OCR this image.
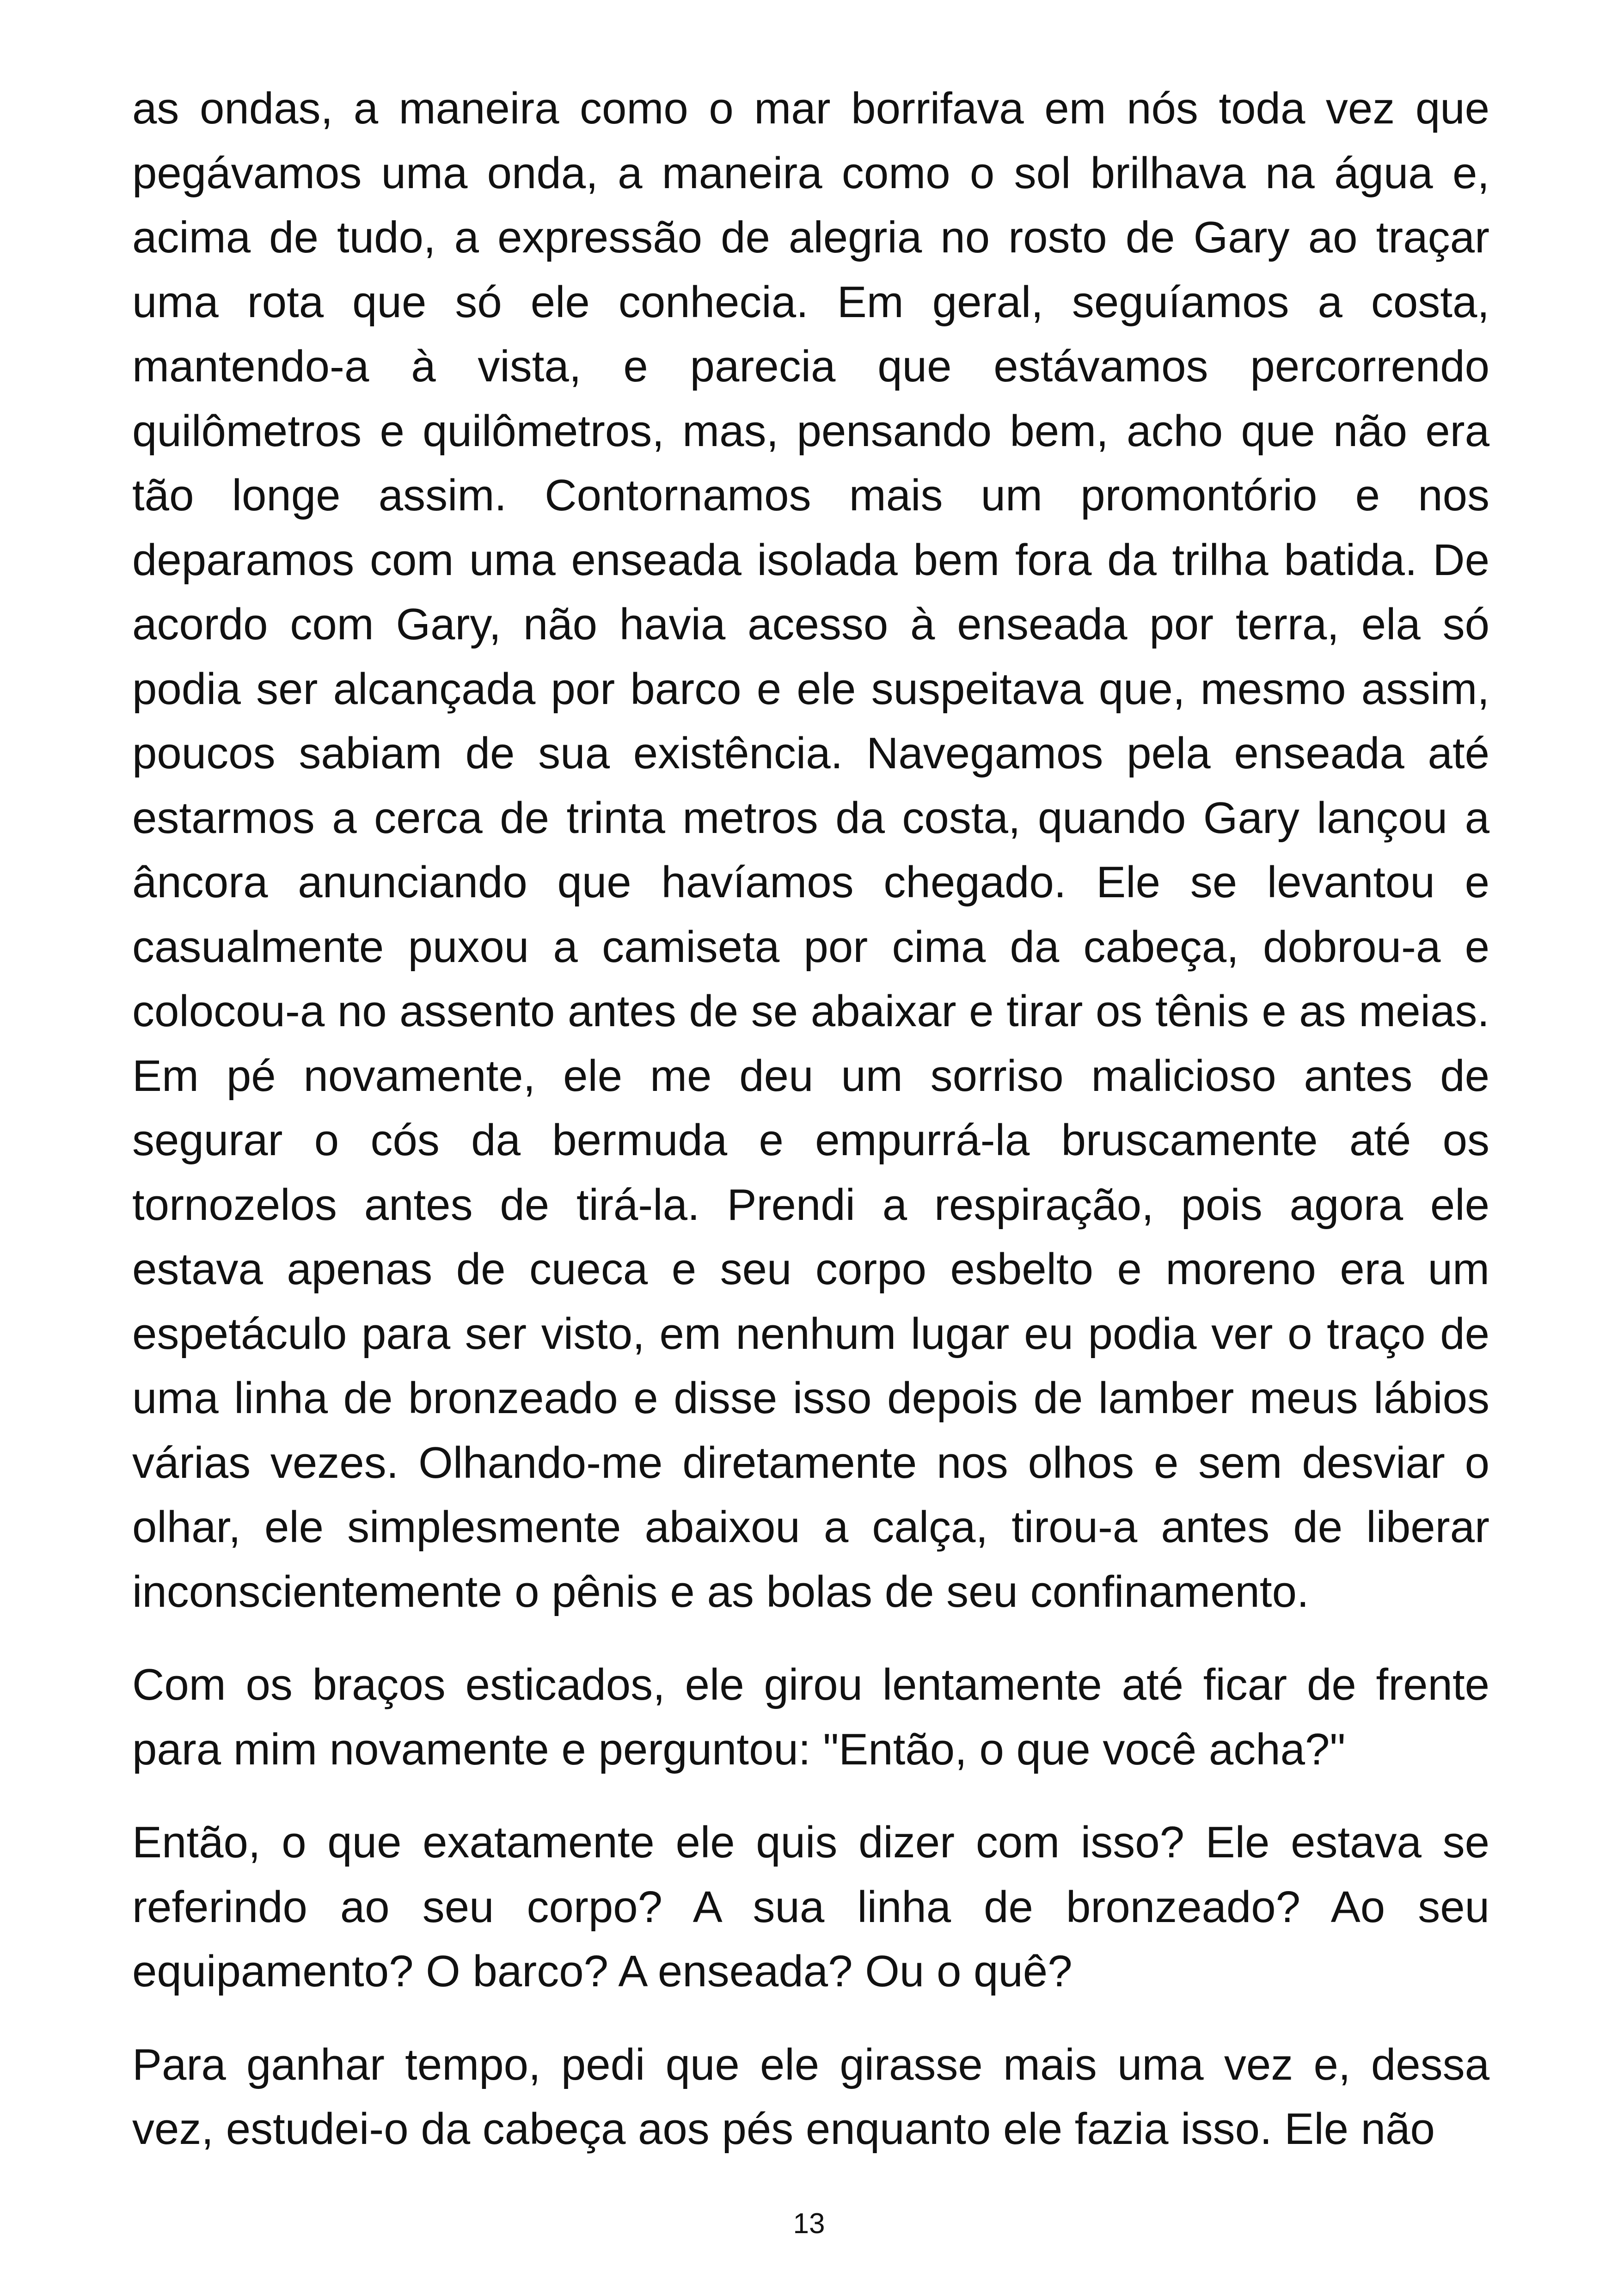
as ondas, a maneira como o mar borrifava em nós toda vez que pegávamos uma onda, a maneira como o sol brilhava na água e, acima de tudo, a expressão de alegria no rosto de Gary ao traçar uma rota que só ele conhecia. Em geral, seguíamos a costa, mantendo-a à vista, e parecia que estávamos percorrendo quilômetros e quilômetros, mas, pensando bem, acho que não era tão longe assim. Contornamos mais um promontório e nos deparamos com uma enseada isolada bem fora da trilha batida. De acordo com Gary, não havia acesso à enseada por terra, ela só podia ser alcançada por barco e ele suspeitava que, mesmo assim, poucos sabiam de sua existência. Navegamos pela enseada até estarmos a cerca de trinta metros da costa, quando Gary lançou a âncora anunciando que havíamos chegado. Ele se levantou e casualmente puxou a camiseta por cima da cabeça, dobrou-a e colocou-a no assento antes de se abaixar e tirar os tênis e as meias. Em pé novamente, ele me deu um sorriso malicioso antes de segurar o cós da bermuda e empurrá-la bruscamente até os tornozelos antes de tirá-la. Prendi a respiração, pois agora ele estava apenas de cueca e seu corpo esbelto e moreno era um espetáculo para ser visto, em nenhum lugar eu podia ver o traço de uma linha de bronzeado e disse isso depois de lamber meus lábios várias vezes. Olhando-me diretamente nos olhos e sem desviar o olhar, ele simplesmente abaixou a calça, tirou-a antes de liberar inconscientemente o pênis e as bolas de seu confinamento.

Com os braços esticados, ele girou lentamente até ficar de frente para mim novamente e perguntou: "Então, o que você acha?"

Então, o que exatamente ele quis dizer com isso? Ele estava se referindo ao seu corpo? A sua linha de bronzeado? Ao seu equipamento? O barco? A enseada? Ou o quê?

Para ganhar tempo, pedi que ele girasse mais uma vez e, dessa vez, estudei-o da cabeça aos pés enquanto ele fazia isso. Ele não

13
